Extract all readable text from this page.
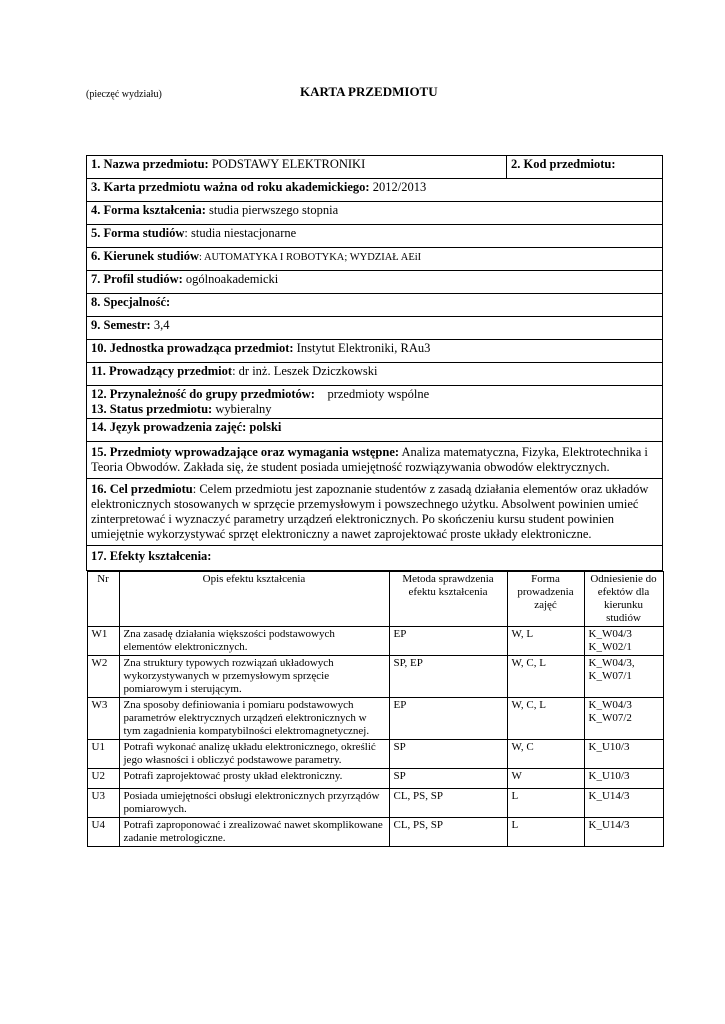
(pieczęć wydziału)	KARTA PRZEDMIOTU
1. Nazwa przedmiotu: PODSTAWY ELEKTRONIKI	2. Kod przedmiotu:
3. Karta przedmiotu ważna od roku akademickiego: 2012/2013
4. Forma kształcenia: studia pierwszego stopnia
5. Forma studiów: studia niestacjonarne
6. Kierunek studiów: AUTOMATYKA I ROBOTYKA; WYDZIAŁ AEiI
7. Profil studiów: ogólnoakademicki
8. Specjalność:
9. Semestr: 3,4
10. Jednostka prowadząca przedmiot: Instytut Elektroniki, RAu3
11. Prowadzący przedmiot: dr inż. Leszek Dziczkowski

12. Przynależność do grupy przedmiotów:    przedmioty wspólne
13. Status przedmiotu: wybieralny

14. Język prowadzenia zajęć: polski
15. Przedmioty wprowadzające oraz wymagania wstępne: Analiza matematyczna, Fizyka, Elektrotechnika i Teoria Obwodów. Zakłada się, że student posiada umiejętność rozwiązywania obwodów elektrycznych.
16. Cel przedmiotu: Celem przedmiotu jest zapoznanie studentów z zasadą działania elementów oraz układów elektronicznych stosowanych w sprzęcie przemysłowym i powszechnego użytku. Absolwent powinien umieć zinterpretować i wyznaczyć parametry urządzeń elektronicznych. Po skończeniu kursu student powinien umiejętnie wykorzystywać sprzęt elektroniczny a nawet zaprojektować proste układy elektroniczne.
17. Efekty kształcenia:

Nr	Opis efektu kształcenia	Metoda sprawdzenia efektu kształcenia	Forma prowadzenia zajęć	Odniesienie do efektów dla kierunku studiów
W1	Zna zasadę działania większości podstawowych elementów elektronicznych.	EP	W, L	K_W04/3
K_W02/1
W2	Zna struktury typowych rozwiązań układowych wykorzystywanych w przemysłowym sprzęcie pomiarowym i sterującym.	SP, EP	W, C, L	K_W04/3,
K_W07/1
W3	Zna sposoby definiowania i pomiaru podstawowych parametrów elektrycznych urządzeń elektronicznych w tym zagadnienia kompatybilności elektromagnetycznej.	EP	W, C, L	K_W04/3
K_W07/2
U1	Potrafi wykonać analizę układu elektronicznego, określić jego własności i obliczyć podstawowe parametry.	SP	W, C	K_U10/3
U2	Potrafi zaprojektować prosty układ elektroniczny.	SP	W	K_U10/3
U3	Posiada umiejętności obsługi elektronicznych przyrządów pomiarowych.	CL, PS, SP	L	K_U14/3
U4	Potrafi zaproponować i zrealizować nawet skomplikowane zadanie metrologiczne.	CL, PS, SP	L	K_U14/3
